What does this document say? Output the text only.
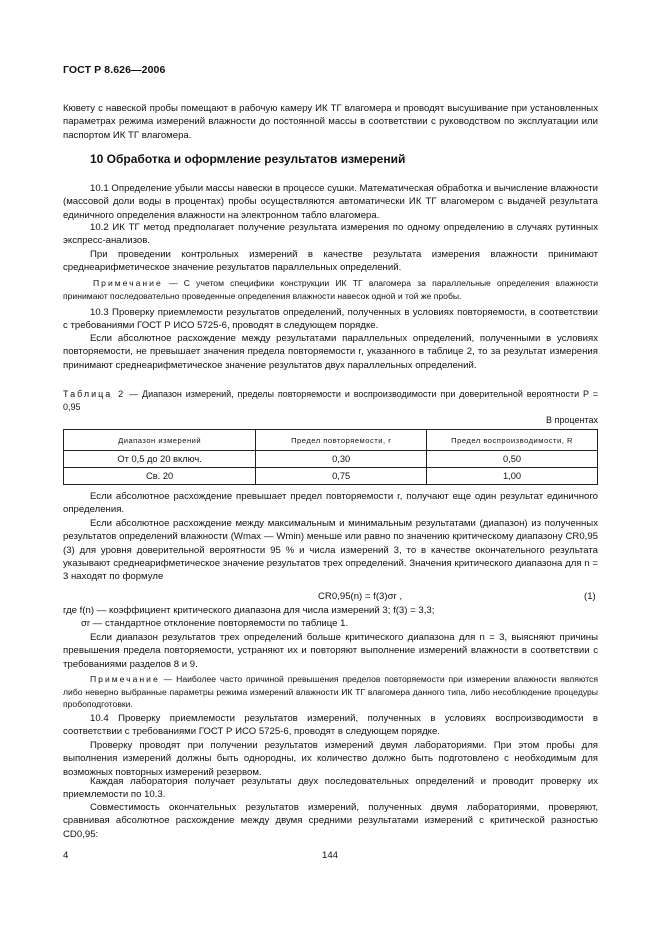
ГОСТ Р 8.626—2006

Кювету с навеской пробы помещают в рабочую камеру ИК ТГ влагомера и проводят высушивание при установленных параметрах режима измерений влажности до постоянной массы в соответствии с руководством по эксплуатации или паспортом ИК ТГ влагомера.

10 Обработка и оформление результатов измерений

10.1 Определение убыли массы навески в процессе сушки. Математическая обработка и вычисление влажности (массовой доли воды в процентах) пробы осуществляются автоматически ИК ТГ влагомером с выдачей результата единичного определения влажности на электронном табло влагомера.

10.2 ИК ТГ метод предполагает получение результата измерения по одному определению в случаях рутинных экспресс-анализов.

При проведении контрольных измерений в качестве результата измерения влажности принимают среднеарифметическое значение результатов параллельных определений.

Примечание — С учетом специфики конструкции ИК ТГ влагомера за параллельные определения влажности принимают последовательно проведенные определения влажности навесок одной и той же пробы.

10.3 Проверку приемлемости результатов определений, полученных в условиях повторяемости, в соответствии с требованиями ГОСТ Р ИСО 5725-6, проводят в следующем порядке.

Если абсолютное расхождение между результатами параллельных определений, полученными в условиях повторяемости, не превышает значения предела повторяемости r, указанного в таблице 2, то за результат измерения принимают среднеарифметическое значение результатов двух параллельных определений.

Таблица 2 — Диапазон измерений, пределы повторяемости и воспроизводимости при доверительной вероятности P = 0,95

В процентах
Диапазон измерений	Предел повторяемости, r	Предел воспроизводимости, R
От 0,5 до 20 включ.	0,30	0,50
Св. 20	0,75	1,00

Если абсолютное расхождение превышает предел повторяемости r, получают еще один результат единичного определения.

Если абсолютное расхождение между максимальным и минимальным результатами (диапазон) из полученных результатов определений влажности (Wmax — Wmin) меньше или равно по значению критическому диапазону CR0,95 (3) для уровня доверительной вероятности 95 % и числа измерений 3, то в качестве окончательного результата указывают среднеарифметическое значение результатов трех определений. Значения критического диапазона для n = 3 находят по формуле

CR0,95(n) = f(3)σr ,	(1)

где f(n) — коэффициент критического диапазона для числа измерений 3; f(3) = 3,3;

σr — стандартное отклонение повторяемости по таблице 1.

Если диапазон результатов трех определений больше критического диапазона для n = 3, выясняют причины превышения предела повторяемости, устраняют их и повторяют выполнение измерений влажности в соответствии с требованиями разделов 8 и 9.

Примечание — Наиболее часто причиной превышения пределов повторяемости при измерении влажности являются либо неверно выбранные параметры режима измерений влажности ИК ТГ влагомера данного типа, либо несоблюдение процедуры пробоподготовки.

10.4 Проверку приемлемости результатов измерений, полученных в условиях воспроизводимости в соответствии с требованиями ГОСТ Р ИСО 5725-6, проводят в следующем порядке.

Проверку проводят при получении результатов измерений двумя лабораториями. При этом пробы для выполнения измерений должны быть однородны, их количество должно быть подготовлено с необходимым для возможных повторных измерений резервом.

Каждая лаборатория получает результаты двух последовательных определений и проводит проверку их приемлемости по 10.3.

Совместимость окончательных результатов измерений, полученных двумя лабораториями, проверяют, сравнивая абсолютное расхождение между двумя средними результатами измерений с критической разностью CD0,95:

4	144
